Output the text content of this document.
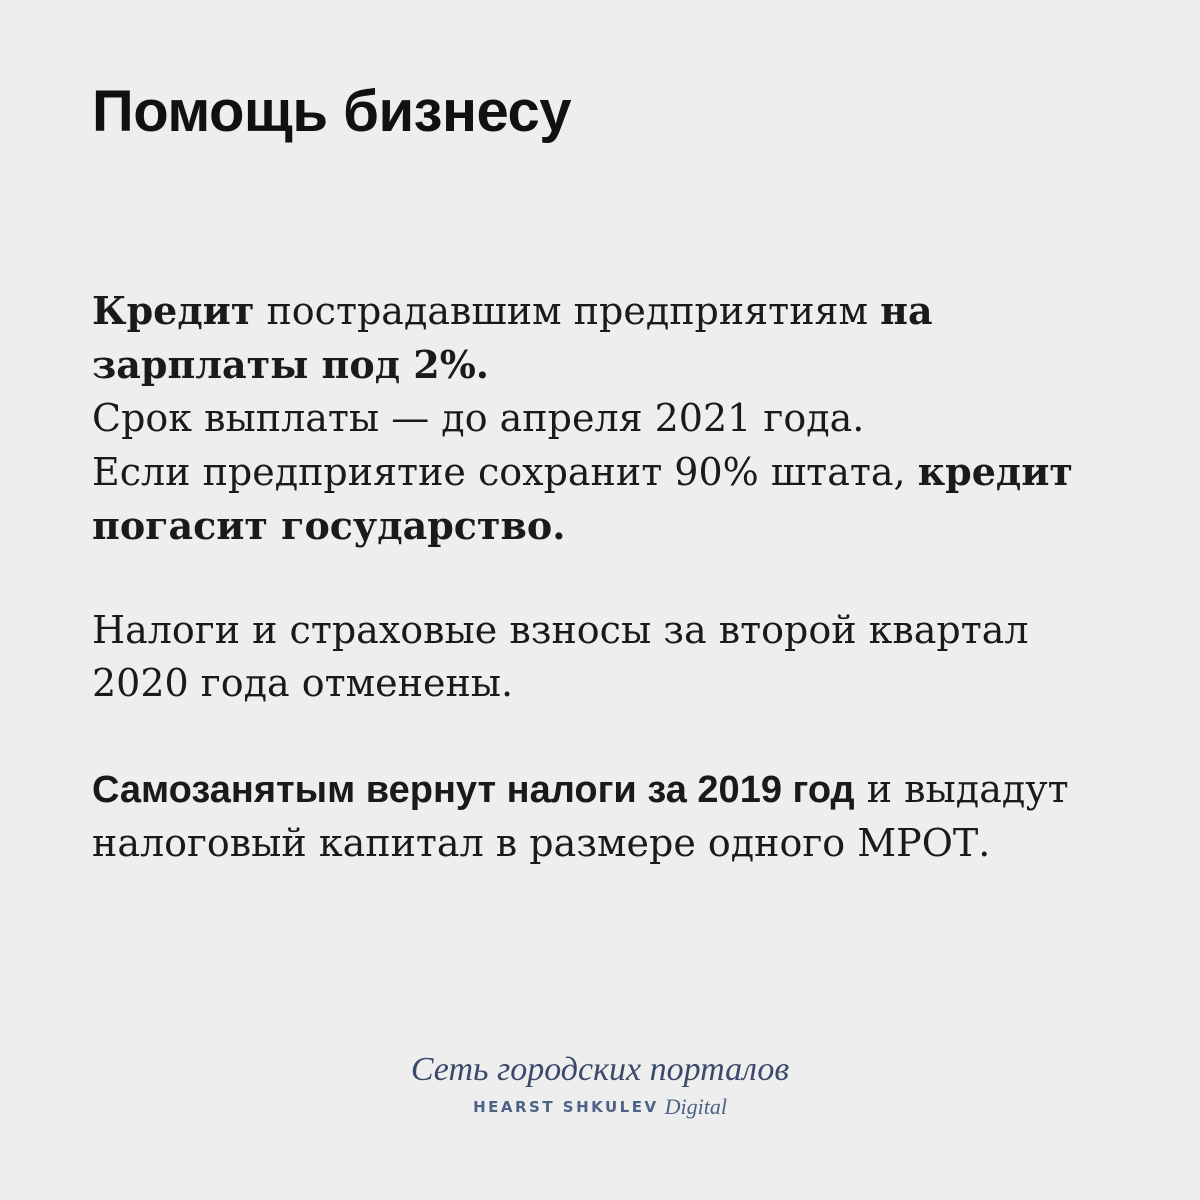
Помощь бизнесу

Кредит пострадавшим предприятиям на зарплаты под 2%.
Срок выплаты — до апреля 2021 года.
Если предприятие сохранит 90% штата, кредит погасит государство.

Налоги и страховые взносы за второй квартал 2020 года отменены.

Самозанятым вернут налоги за 2019 год и выдадут налоговый капитал в размере одного МРОТ.

Сеть городских порталов
HEARST SHKULEV Digital
